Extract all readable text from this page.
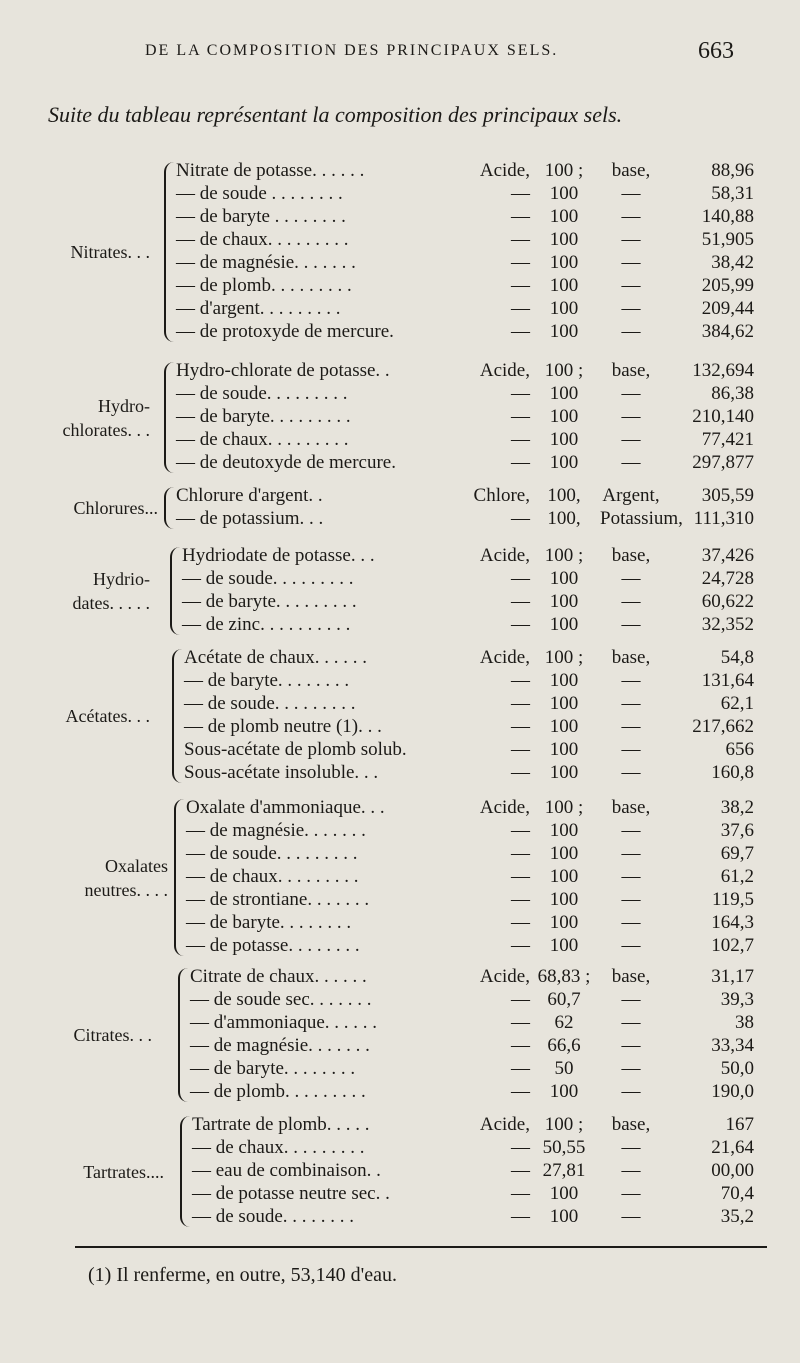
DE LA COMPOSITION DES PRINCIPAUX SELS.	663
Suite du tableau représentant la composition des principaux sels.
Nitrates. . .
Nitrate de potasse. . . . . .	Acide, 100 ;	base,	88,96
— de soude . . . . . . . .	—	100	—	58,31
— de baryte . . . . . . . .	—	100	—	140,88
— de chaux. . . . . . . . .	—	100	—	51,905
— de magnésie. . . . . . .	—	100	—	38,42
— de plomb. . . . . . . . .	—	100	—	205,99
— d'argent. . . . . . . . .	—	100	—	209,44
— de protoxyde de mercure.	—	100	—	384,62
Hydro-
chlorates. . .
Hydro-chlorate de potasse. .	Acide, 100 ;	base,	132,694
— de soude. . . . . . . . .	—	100	—	86,38
— de baryte. . . . . . . . .	—	100	—	210,140
— de chaux. . . . . . . . .	—	100	—	77,421
— de deutoxyde de mercure.	—	100	—	297,877
Chlorures...
Chlorure d'argent. .	Chlore, 100,	Argent,	305,59
— de potassium. . .	— 100,	Potassium, 111,310
Hydrio-
dates. . . . .
Hydriodate de potasse. . .	Acide, 100 ;	base,	37,426
— de soude. . . . . . . . .	—	100	—	24,728
— de baryte. . . . . . . . .	—	100	—	60,622
— de zinc. . . . . . . . . .	—	100	—	32,352
Acétates. . .
Acétate de chaux. . . . . .	Acide, 100 ;	base,	54,8
— de baryte. . . . . . . .	—	100	—	131,64
— de soude. . . . . . . . .	—	100	—	62,1
— de plomb neutre (1). . .	—	100	—	217,662
Sous-acétate de plomb solub.	—	100	—	656
Sous-acétate insoluble. . .	—	100	—	160,8
Oxalates
neutres. . . .
Oxalate d'ammoniaque. . .	Acide, 100 ;	base,	38,2
— de magnésie. . . . . . .	—	100	—	37,6
— de soude. . . . . . . . .	—	100	—	69,7
— de chaux. . . . . . . . .	—	100	—	61,2
— de strontiane. . . . . . .	—	100	—	119,5
— de baryte. . . . . . . .	—	100	—	164,3
— de potasse. . . . . . . .	—	100	—	102,7
Citrates. . .
Citrate de chaux. . . . . .	Acide, 68,83 ;	base,	31,17
— de soude sec. . . . . . .	— 60,7	—	39,3
— d'ammoniaque. . . . . .	—	62	—	38
— de magnésie. . . . . . .	— 66,6	—	33,34
— de baryte. . . . . . . .	—	50	—	50,0
— de plomb. . . . . . . . .	—	100	—	190,0
Tartrates....
Tartrate de plomb. . . . .	Acide, 100 ;	base,	167
— de chaux. . . . . . . . .	— 50,55	—	21,64
— eau de combinaison. .	— 27,81	—	00,00
— de potasse neutre sec. .	—	100	—	70,4
— de soude. . . . . . . .	—	100	—	35,2
(1) Il renferme, en outre, 53,140 d'eau.
